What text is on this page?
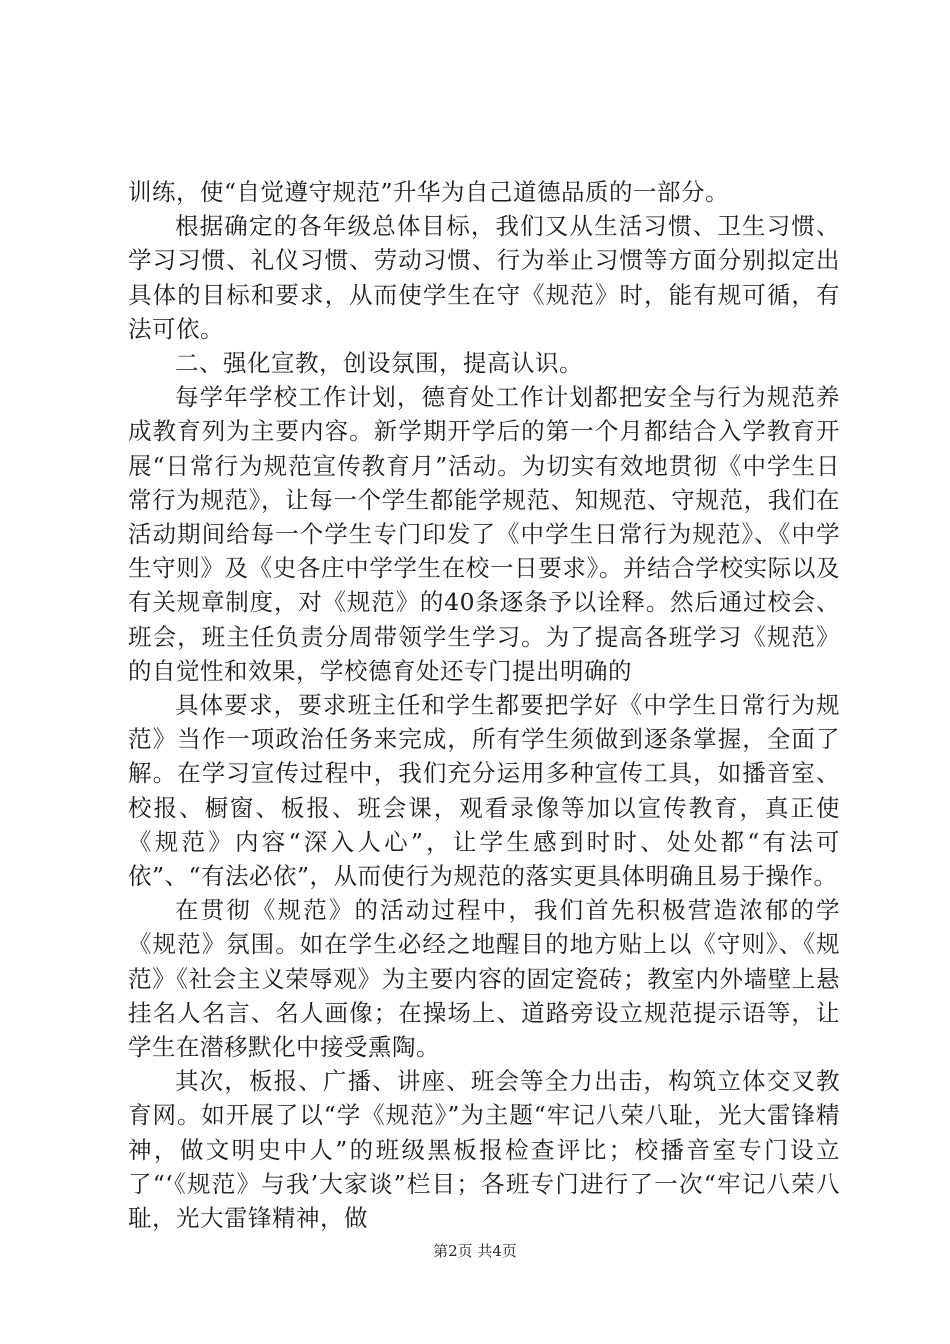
训练，使“自觉遵守规范”升华为自己道德品质的一部分。

根据确定的各年级总体目标，我们又从生活习惯、卫生习惯、学习习惯、礼仪习惯、劳动习惯、行为举止习惯等方面分别拟定出具体的目标和要求，从而使学生在守《规范》时，能有规可循，有法可依。

二、强化宣教，创设氛围，提高认识。

每学年学校工作计划，德育处工作计划都把安全与行为规范养成教育列为主要内容。新学期开学后的第一个月都结合入学教育开展“日常行为规范宣传教育月”活动。为切实有效地贯彻《中学生日常行为规范》，让每一个学生都能学规范、知规范、守规范，我们在活动期间给每一个学生专门印发了《中学生日常行为规范》、《中学生守则》及《史各庄中学学生在校一日要求》。并结合学校实际以及有关规章制度，对《规范》的40条逐条予以诠释。然后通过校会、班会，班主任负责分周带领学生学习。为了提高各班学习《规范》的自觉性和效果，学校德育处还专门提出明确的

具体要求，要求班主任和学生都要把学好《中学生日常行为规范》当作一项政治任务来完成，所有学生须做到逐条掌握，全面了解。在学习宣传过程中，我们充分运用多种宣传工具，如播音室、校报、橱窗、板报、班会课，观看录像等加以宣传教育，真正使《规范》内容“深入人心”，让学生感到时时、处处都“有法可依”、“有法必依”，从而使行为规范的落实更具体明确且易于操作。

在贯彻《规范》的活动过程中，我们首先积极营造浓郁的学《规范》氛围。如在学生必经之地醒目的地方贴上以《守则》、《规范》《社会主义荣辱观》为主要内容的固定瓷砖；教室内外墙壁上悬挂名人名言、名人画像；在操场上、道路旁设立规范提示语等，让学生在潜移默化中接受熏陶。

其次，板报、广播、讲座、班会等全力出击，构筑立体交叉教育网。如开展了以“学《规范》”为主题“牢记八荣八耻，光大雷锋精神，做文明史中人”的班级黑板报检查评比；校播音室专门设立了“‘《规范》与我’大家谈”栏目；各班专门进行了一次“牢记八荣八耻，光大雷锋精神，做

第2页 共4页
